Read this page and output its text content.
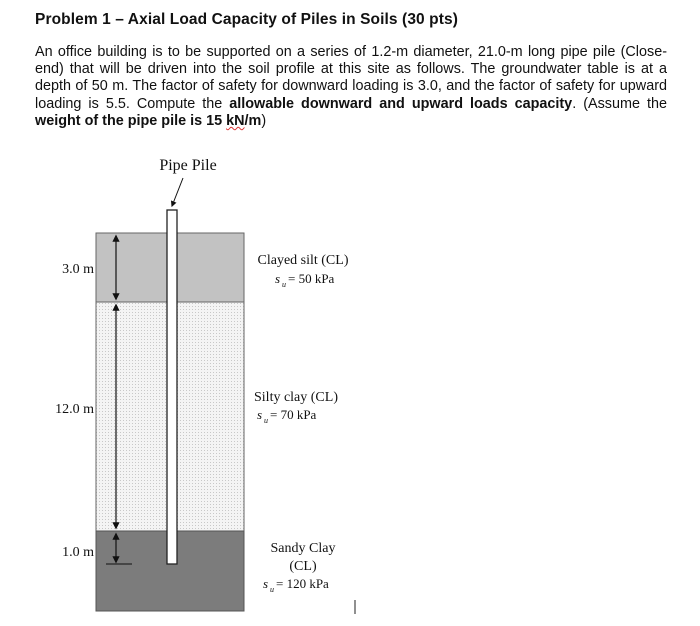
Problem 1 – Axial Load Capacity of Piles in Soils (30 pts)

An office building is to be supported on a series of 1.2-m diameter, 21.0-m long pipe pile (Close- end) that will be driven into the soil profile at this site as follows. The groundwater table is at a depth of 50 m. The factor of safety for downward loading is 3.0, and the factor of safety for upward loading is 5.5. Compute the allowable downward and upward loads capacity. (Assume the weight of the pipe pile is 15 kN/m)

3.0 m
12.0 m
1.0 m
Pipe Pile
Clayed silt (CL)
s u = 50 kPa
Silty clay (CL)
s u = 70 kPa
Sandy Clay
(CL)
s u = 120 kPa
